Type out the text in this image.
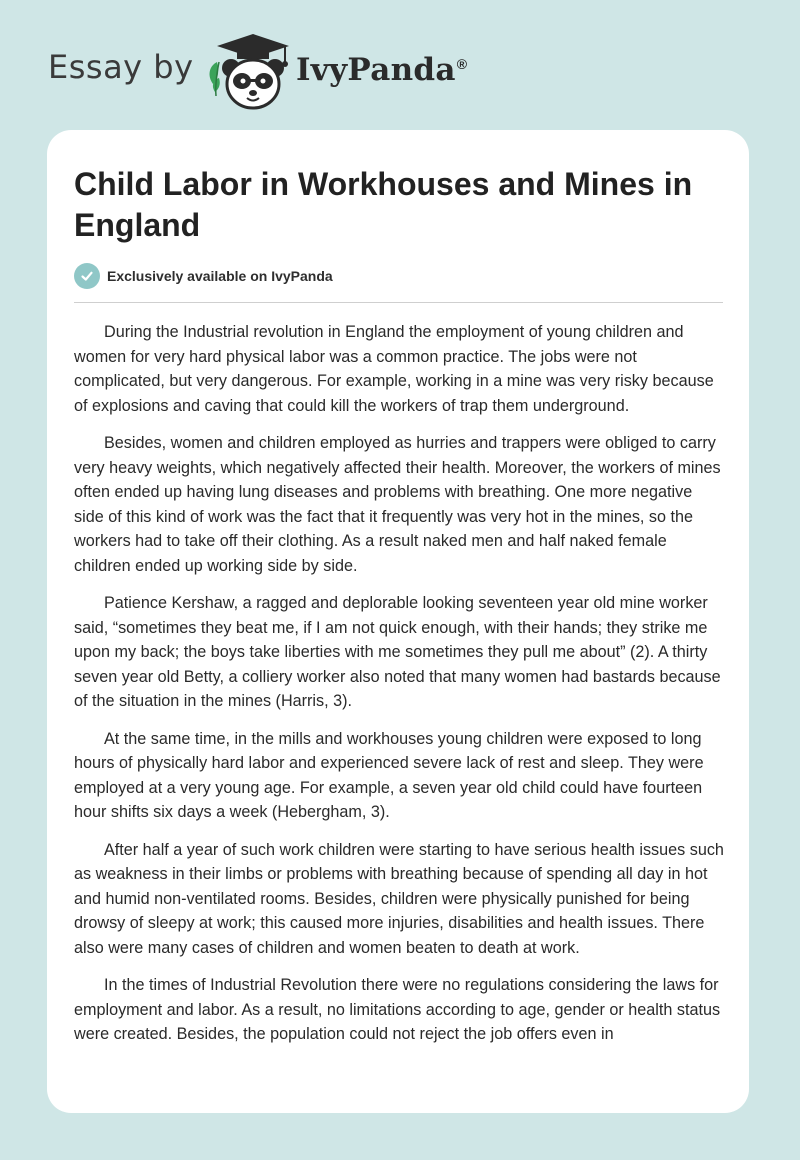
Essay by	IvyPanda®
Child Labor in Workhouses and Mines in England
Exclusively available on IvyPanda

During the Industrial revolution in England the employment of young children and women for very hard physical labor was a common practice. The jobs were not complicated, but very dangerous. For example, working in a mine was very risky because of explosions and caving that could kill the workers of trap them underground.

Besides, women and children employed as hurries and trappers were obliged to carry very heavy weights, which negatively affected their health. Moreover, the workers of mines often ended up having lung diseases and problems with breathing. One more negative side of this kind of work was the fact that it frequently was very hot in the mines, so the workers had to take off their clothing. As a result naked men and half naked female children ended up working side by side.

Patience Kershaw, a ragged and deplorable looking seventeen year old mine worker said, “sometimes they beat me, if I am not quick enough, with their hands; they strike me upon my back; the boys take liberties with me sometimes they pull me about” (2). A thirty seven year old Betty, a colliery worker also noted that many women had bastards because of the situation in the mines (Harris, 3).

At the same time, in the mills and workhouses young children were exposed to long hours of physically hard labor and experienced severe lack of rest and sleep. They were employed at a very young age. For example, a seven year old child could have fourteen hour shifts six days a week (Hebergham, 3).

After half a year of such work children were starting to have serious health issues such as weakness in their limbs or problems with breathing because of spending all day in hot and humid non-ventilated rooms. Besides, children were physically punished for being drowsy of sleepy at work; this caused more injuries, disabilities and health issues. There also were many cases of children and women beaten to death at work.

In the times of Industrial Revolution there were no regulations considering the laws for employment and labor. As a result, no limitations according to age, gender or health status were created. Besides, the population could not reject the job offers even in
